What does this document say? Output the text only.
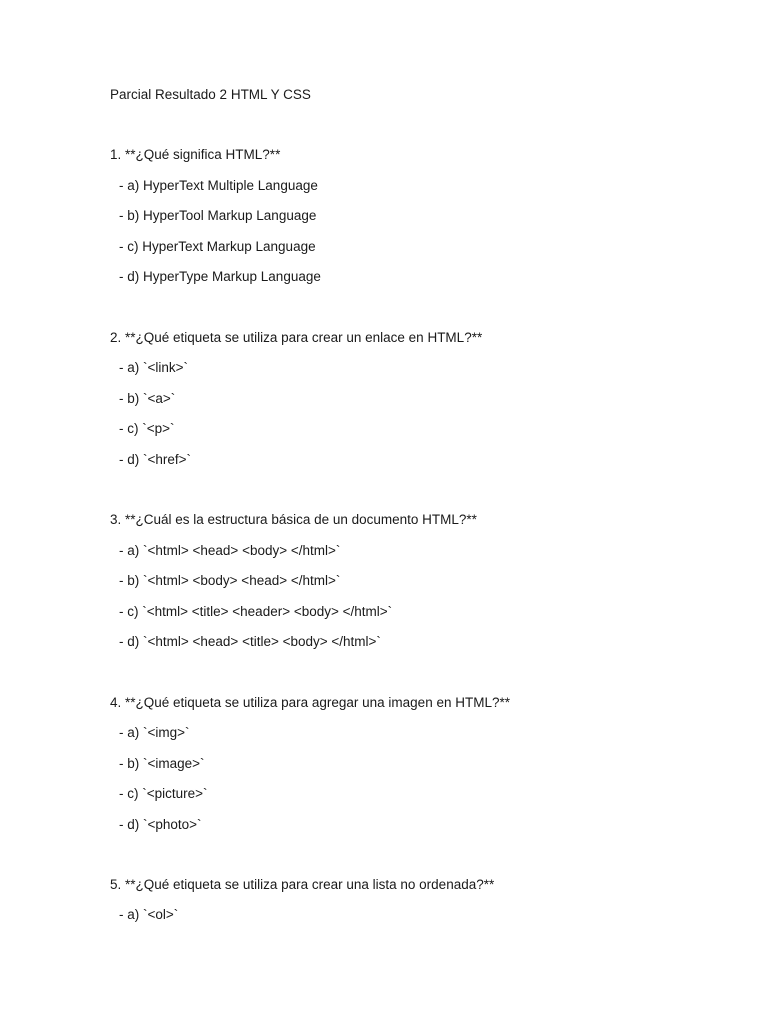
Parcial Resultado 2 HTML Y CSS
1. **¿Qué significa HTML?**
- a) HyperText Multiple Language
- b) HyperTool Markup Language
- c) HyperText Markup Language
- d) HyperType Markup Language
2. **¿Qué etiqueta se utiliza para crear un enlace en HTML?**
- a) `<link>`
- b) `<a>`
- c) `<p>`
- d) `<href>`
3. **¿Cuál es la estructura básica de un documento HTML?**
- a) `<html> <head> <body> </html>`
- b) `<html> <body> <head> </html>`
- c) `<html> <title> <header> <body> </html>`
- d) `<html> <head> <title> <body> </html>`
4. **¿Qué etiqueta se utiliza para agregar una imagen en HTML?**
- a) `<img>`
- b) `<image>`
- c) `<picture>`
- d) `<photo>`
5. **¿Qué etiqueta se utiliza para crear una lista no ordenada?**
- a) `<ol>`
